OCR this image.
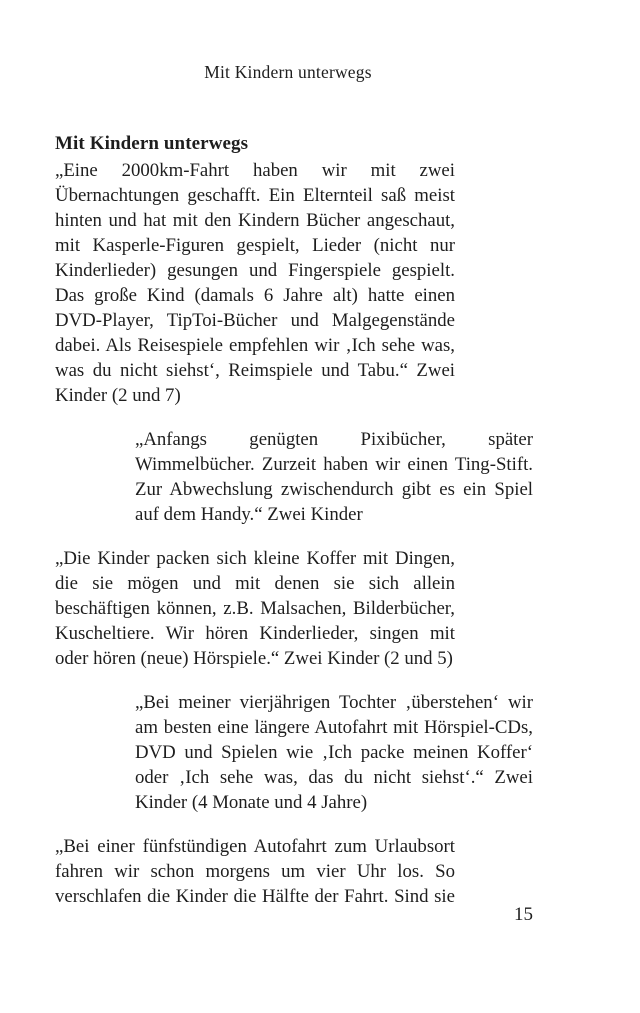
Mit Kindern unterwegs
Mit Kindern unterwegs
„Eine 2000km-Fahrt haben wir mit zwei
Übernachtungen geschafft. Ein Elternteil saß meist
hinten und hat mit den Kindern Bücher angeschaut,
mit Kasperle-Figuren gespielt, Lieder (nicht nur
Kinderlieder) gesungen und Fingerspiele gespielt.
Das große Kind (damals 6 Jahre alt) hatte einen
DVD-Player, TipToi-Bücher und Malgegenstände
dabei. Als Reisespiele empfehlen wir ‚Ich sehe was,
was du nicht siehst‘, Reimspiele und Tabu.“ Zwei
Kinder (2 und 7)
„Anfangs genügten Pixibücher, später
Wimmelbücher. Zurzeit haben wir einen Ting-Stift.
Zur Abwechslung zwischendurch gibt es ein Spiel
auf dem Handy.“ Zwei Kinder
„Die Kinder packen sich kleine Koffer mit Dingen,
die sie mögen und mit denen sie sich allein
beschäftigen können, z.B. Malsachen, Bilderbücher,
Kuscheltiere. Wir hören Kinderlieder, singen mit
oder hören (neue) Hörspiele.“ Zwei Kinder (2 und 5)
„Bei meiner vierjährigen Tochter ‚überstehen‘ wir
am besten eine längere Autofahrt mit Hörspiel-CDs,
DVD und Spielen wie ‚Ich packe meinen Koffer‘
oder ‚Ich sehe was, das du nicht siehst‘.“ Zwei
Kinder (4 Monate und 4 Jahre)
„Bei einer fünfstündigen Autofahrt zum Urlaubsort
fahren wir schon morgens um vier Uhr los. So
verschlafen die Kinder die Hälfte der Fahrt. Sind sie
15
